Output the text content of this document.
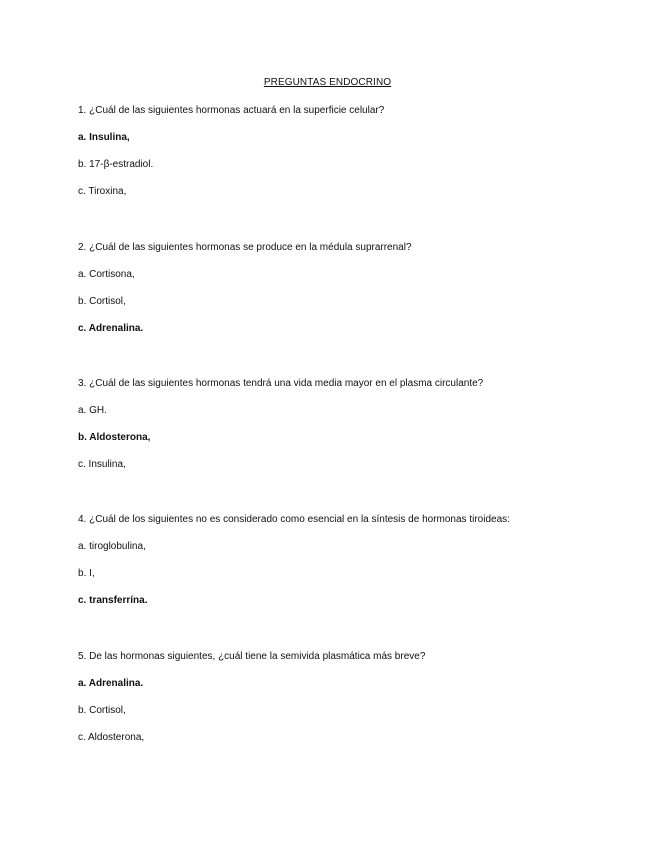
PREGUNTAS ENDOCRINO

1. ¿Cuál de las siguientes hormonas actuará en la superficie celular?

a. Insulina,

b. 17-β-estradiol.

c. Tiroxina,

2. ¿Cuál de las siguientes hormonas se produce en la médula suprarrenal?

a. Cortisona,

b. Cortisol,

c. Adrenalina.

3. ¿Cuál de las siguientes hormonas tendrá una vida media mayor en el plasma circulante?

a. GH.

b. Aldosterona,

c. Insulina,

4. ¿Cuál de los siguientes no es considerado como esencial en la síntesis de hormonas tiroideas:

a. tiroglobulina,

b. I,

c. transferrína.

5. De las hormonas siguientes, ¿cuál tiene la semivida plasmática más breve?

a. Adrenalina.

b. Cortisol,

c. Aldosterona,
